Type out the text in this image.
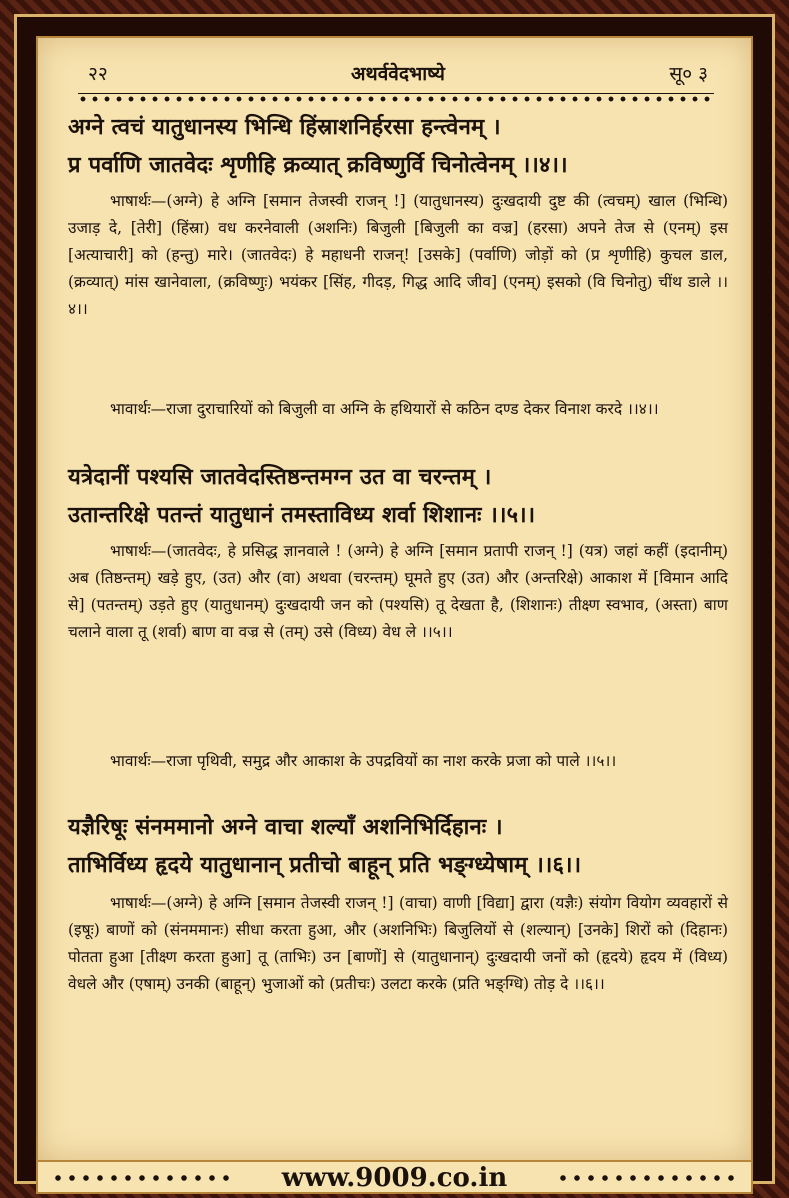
२२	अथर्ववेदभाष्ये	सू० ३
अग्ने त्वचं यातुधानस्य भिन्धि हिंस्राशनिर्हरसा हन्त्वेनम् ।
प्र पर्वाणि जातवेदः शृणीहि क्रव्यात् क्रविष्णुर्वि चिनोत्वेनम् ।।४।।
भाषार्थः—(अग्ने) हे अग्नि [समान तेजस्वी राजन् !] (यातुधानस्य) दुःखदायी दुष्ट की (त्वचम्) खाल (भिन्धि) उजाड़ दे, [तेरी] (हिंस्रा) वध करनेवाली (अशनिः) बिजुली [बिजुली का वज्र] (हरसा) अपने तेज से (एनम्) इस [अत्याचारी] को (हन्तु) मारे। (जातवेदः) हे महाधनी राजन्! [उसके] (पर्वाणि) जोड़ों को (प्र शृणीहि) कुचल डाल, (क्रव्यात्) मांस खानेवाला, (क्रविष्णुः) भयंकर [सिंह, गीदड़, गिद्ध आदि जीव] (एनम्) इसको (वि चिनोतु) चींथ डाले ।।४।।
भावार्थः—राजा दुराचारियों को बिजुली वा अग्नि के हथियारों से कठिन दण्ड देकर विनाश करदे ।।४।।
यत्रेदानीं पश्यसि जातवेदस्तिष्ठन्तमग्न उत वा चरन्तम् ।
उतान्तरिक्षे पतन्तं यातुधानं तमस्ताविध्य शर्वा शिशानः ।।५।।
भाषार्थः—(जातवेदः, हे प्रसिद्ध ज्ञानवाले ! (अग्ने) हे अग्नि [समान प्रतापी राजन् !] (यत्र) जहां कहीं (इदानीम्) अब (तिष्ठन्तम्) खड़े हुए, (उत) और (वा) अथवा (चरन्तम्) घूमते हुए (उत) और (अन्तरिक्षे) आकाश में [विमान आदि से] (पतन्तम्) उड़ते हुए (यातुधानम्) दुःखदायी जन को (पश्यसि) तू देखता है, (शिशानः) तीक्ष्ण स्वभाव, (अस्ता) बाण चलाने वाला तू (शर्वा) बाण वा वज्र से (तम्) उसे (विध्य) वेध ले ।।५।।
भावार्थः—राजा पृथिवी, समुद्र और आकाश के उपद्रवियों का नाश करके प्रजा को पाले ।।५।।
यज्ञैरिषूः संनममानो अग्ने वाचा शल्याँ अशनिभिर्दिहानः ।
ताभिर्विध्य हृदये यातुधानान् प्रतीचो बाहून् प्रति भङ्ग्ध्येषाम् ।।६।।
भाषार्थः—(अग्ने) हे अग्नि [समान तेजस्वी राजन् !] (वाचा) वाणी [विद्या] द्वारा (यज्ञैः) संयोग वियोग व्यवहारों से (इषूः) बाणों को (संनममानः) सीधा करता हुआ, और (अशनिभिः) बिजुलियों से (शल्यान्) [उनके] शिरों को (दिहानः) पोतता हुआ [तीक्ष्ण करता हुआ] तू (ताभिः) उन [बाणों] से (यातुधानान्) दुःखदायी जनों को (हृदये) हृदय में (विध्य) वेधले और (एषाम्) उनकी (बाहून्) भुजाओं को (प्रतीचः) उलटा करके (प्रति भङ्ग्धि) तोड़ दे ।।६।।
www.9009.co.in
